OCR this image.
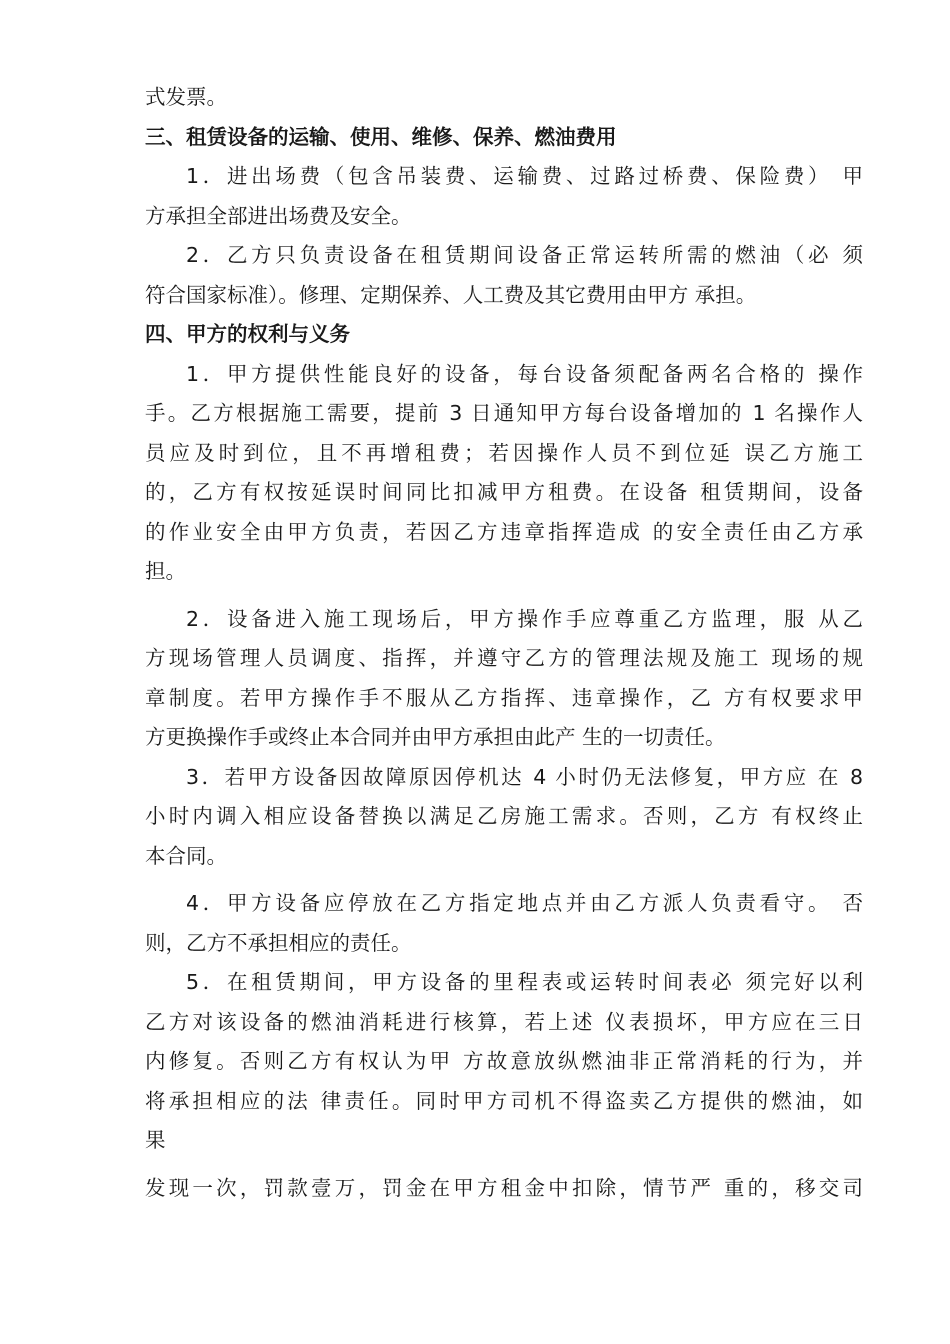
式发票。
三、租赁设备的运输、使用、维修、保养、燃油费用
1．进出场费（包含吊装费、运输费、过路过桥费、保险费） 甲
方承担全部进出场费及安全。
2．乙方只负责设备在租赁期间设备正常运转所需的燃油（必 须
符合国家标准）。修理、定期保养、人工费及其它费用由甲方 承担。
四、甲方的权利与义务
1．甲方提供性能良好的设备，每台设备须配备两名合格的 操作
手。乙方根据施工需要，提前 3 日通知甲方每台设备增加的 1 名操作人
员应及时到位，且不再增租费；若因操作人员不到位延 误乙方施工
的，乙方有权按延误时间同比扣减甲方租费。在设备 租赁期间，设备
的作业安全由甲方负责，若因乙方违章指挥造成 的安全责任由乙方承
担。
2．设备进入施工现场后，甲方操作手应尊重乙方监理，服 从乙
方现场管理人员调度、指挥，并遵守乙方的管理法规及施工 现场的规
章制度。若甲方操作手不服从乙方指挥、违章操作，乙 方有权要求甲
方更换操作手或终止本合同并由甲方承担由此产 生的一切责任。
3．若甲方设备因故障原因停机达 4 小时仍无法修复，甲方应 在 8
小时内调入相应设备替换以满足乙房施工需求。否则，乙方 有权终止
本合同。
4．甲方设备应停放在乙方指定地点并由乙方派人负责看守。 否
则，乙方不承担相应的责任。
5．在租赁期间，甲方设备的里程表或运转时间表必 须完好以利
乙方对该设备的燃油消耗进行核算，若上述 仪表损坏，甲方应在三日
内修复。否则乙方有权认为甲 方故意放纵燃油非正常消耗的行为，并
将承担相应的法 律责任。同时甲方司机不得盗卖乙方提供的燃油，如
果
发现一次，罚款壹万，罚金在甲方租金中扣除，情节严 重的，移交司
